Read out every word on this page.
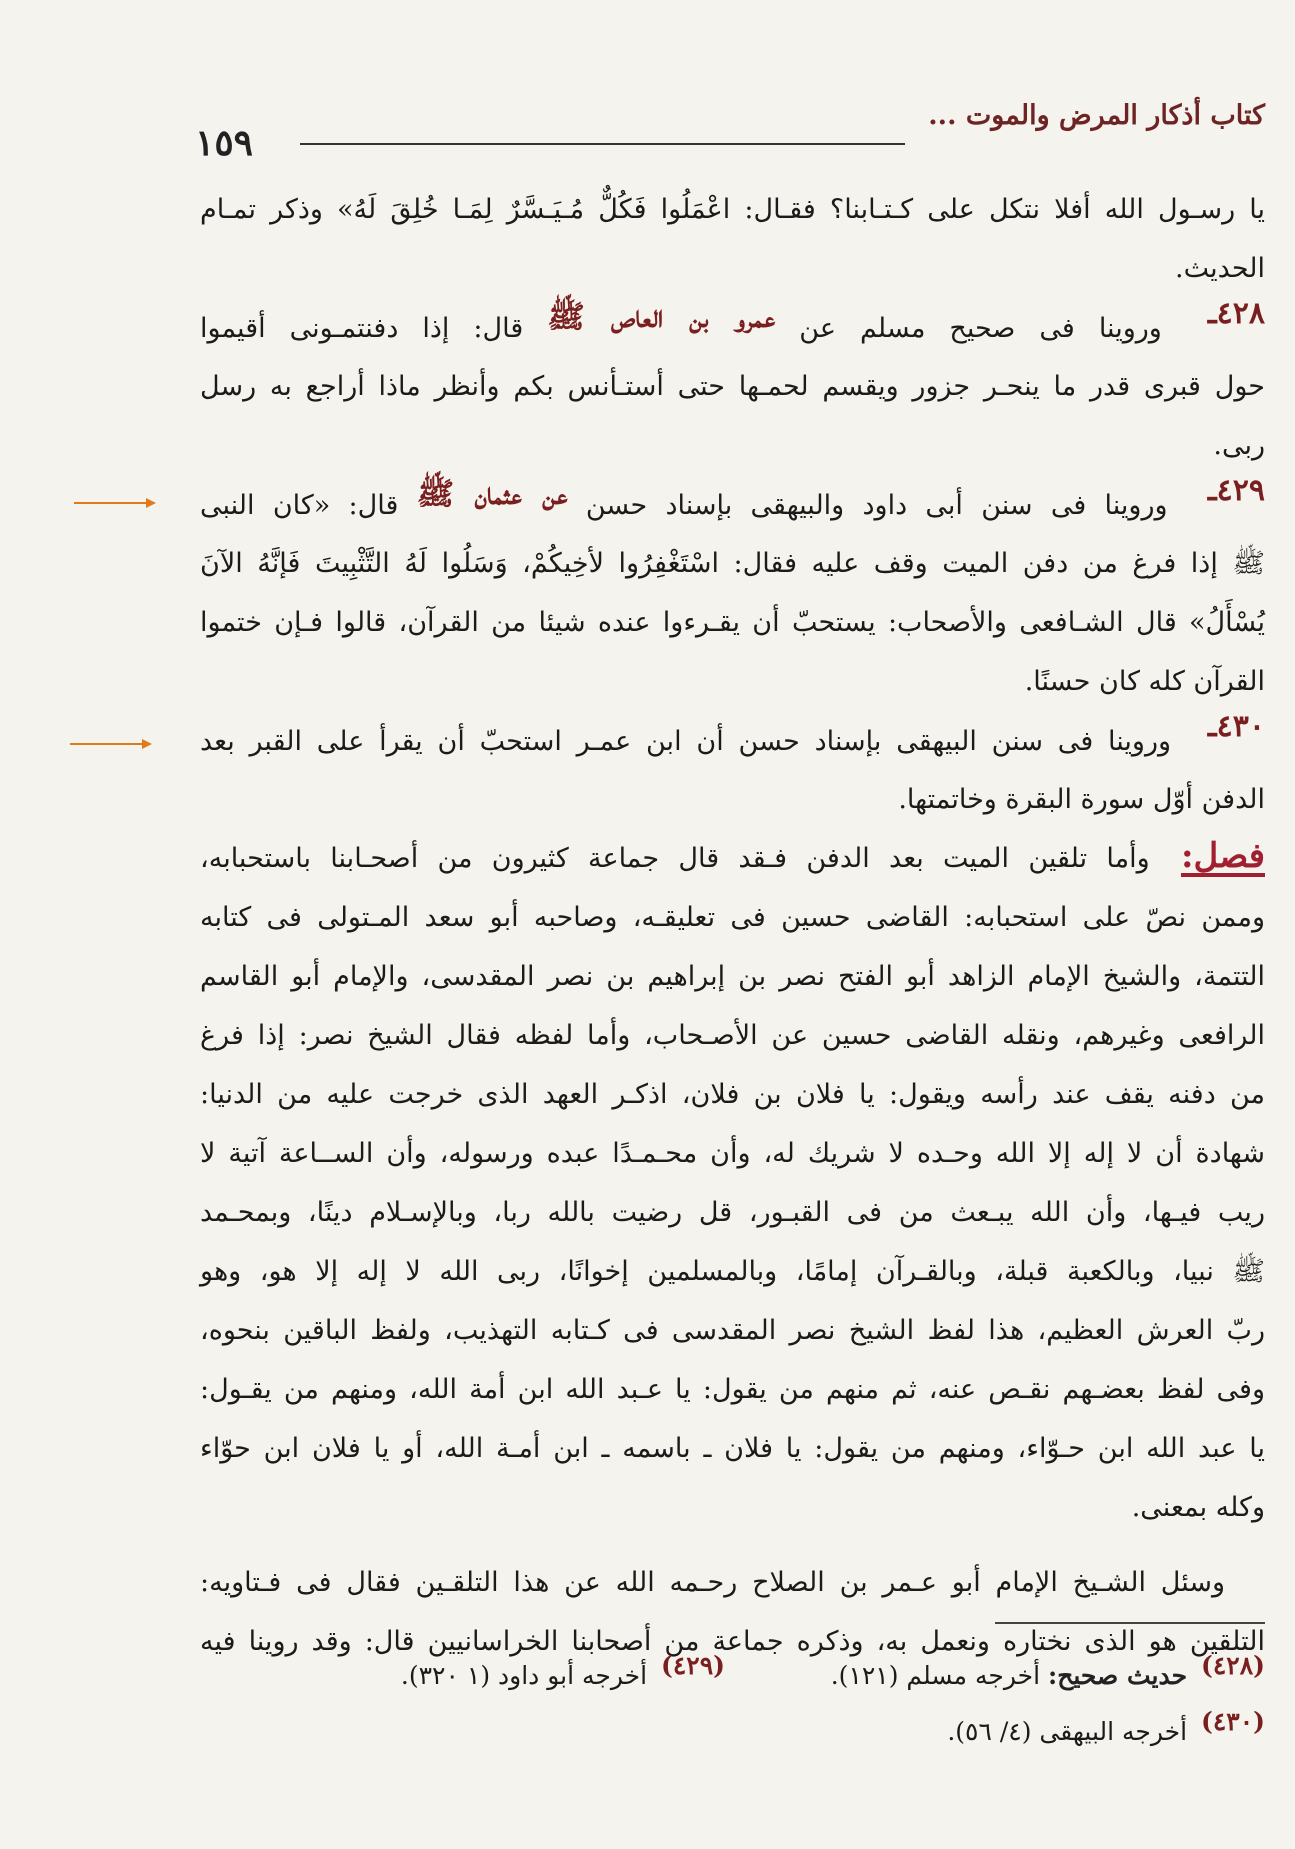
كتاب أذكار المرض والموت ...
١٥٩
يا رسـول الله أفلا نتكل على كـتـابنا؟ فقـال: اعْمَلُوا فَكُلٌّ مُـيَـسَّرٌ لِمَـا خُلِقَ لَهُ» وذكر تمـام
الحديث.
٤٢٨ـ وروينا فى صحيح مسلم عن عمرو بن العاص ﷺ قال: إذا دفنتمـونى أقيموا
حول قبرى قدر ما ينحـر جزور ويقسم لحمـها حتى أستـأنس بكم وأنظر ماذا أراجع به رسل
ربى.
٤٢٩ـ وروينا فى سنن أبى داود والبيهقى بإسناد حسن عن عثمان ﷺ قال: «كان النبى
ﷺ إذا فرغ من دفن الميت وقف عليه فقال: اسْتَغْفِرُوا لأخِيكُمْ، وَسَلُوا لَهُ التَّثْبِيتَ فَإنَّهُ الآنَ
يُسْأَلُ» قال الشـافعى والأصحاب: يستحبّ أن يقـرءوا عنده شيئا من القرآن، قالوا فـإن ختموا
القرآن كله كان حسنًا.
٤٣٠ـ وروينا فى سنن البيهقى بإسناد حسن أن ابن عمـر استحبّ أن يقرأ على القبر بعد
الدفن أوّل سورة البقرة وخاتمتها.
فصل: وأما تلقين الميت بعد الدفن فـقد قال جماعة كثيرون من أصحـابنا باستحبابه،
وممن نصّ على استحبابه: القاضى حسين فى تعليقـه، وصاحبه أبو سعد المـتولى فى كتابه
التتمة، والشيخ الإمام الزاهد أبو الفتح نصر بن إبراهيم بن نصر المقدسى، والإمام أبو القاسم
الرافعى وغيرهم، ونقله القاضى حسين عن الأصـحاب، وأما لفظه فقال الشيخ نصر: إذا فرغ
من دفنه يقف عند رأسه ويقول: يا فلان بن فلان، اذكـر العهد الذى خرجت عليه من الدنيا:
شهادة أن لا إله إلا الله وحـده لا شريك له، وأن محـمـدًا عبده ورسوله، وأن الســاعة آتية لا
ريب فيـها، وأن الله يبـعث من فى القبـور، قل رضيت بالله ربا، وبالإسـلام دينًا، وبمحـمد
ﷺ نبيا، وبالكعبة قبلة، وبالقـرآن إمامًا، وبالمسلمين إخوانًا، ربى الله لا إله إلا هو، وهو
ربّ العرش العظيم، هذا لفظ الشيخ نصر المقدسى فى كـتابه التهذيب، ولفظ الباقين بنحوه،
وفى لفظ بعضـهم نقـص عنه، ثم منهم من يقول: يا عـبد الله ابن أمة الله، ومنهم من يقـول:
يا عبد الله ابن حـوّاء، ومنهم من يقول: يا فلان ـ باسمه ـ ابن أمـة الله، أو يا فلان ابن حوّاء
وكله بمعنى.
وسئل الشـيخ الإمام أبو عـمر بن الصلاح رحـمه الله عن هذا التلقـين فقال فى فـتاويه:
التلقين هو الذى نختاره ونعمل به، وذكره جماعة من أصحابنا الخراسانيين قال: وقد روينا فيه
(٤٢٨) حديث صحيح: أخرجه مسلم (١٢١).
(٤٢٩) أخرجه أبو داود (١ ٣٢٠).
(٤٣٠) أخرجه البيهقى (٤/ ٥٦).
